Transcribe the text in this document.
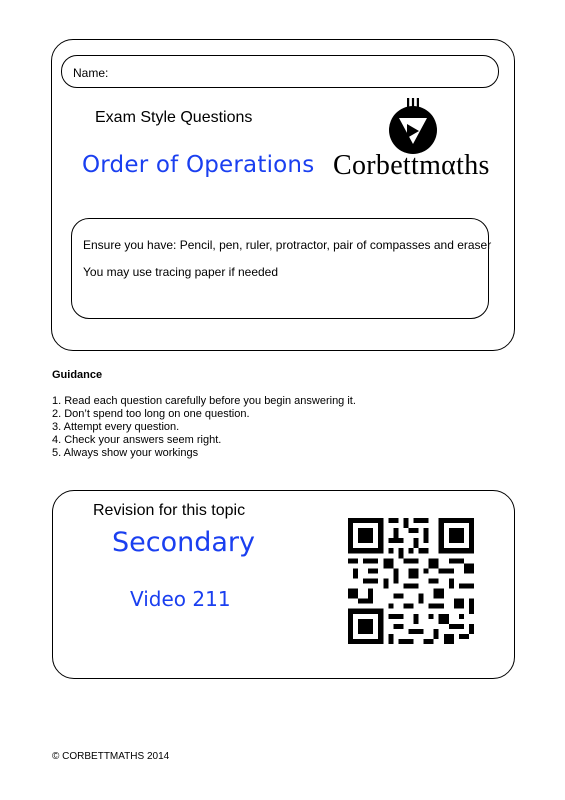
Name:
Exam Style Questions
Order of Operations Corbettmαths
Ensure you have: Pencil, pen, ruler, protractor, pair of compasses and eraser
You may use tracing paper if needed
Guidance
1. Read each question carefully before you begin answering it.
2. Don’t spend too long on one question.
3. Attempt every question.
4. Check your answers seem right.
5. Always show your workings
Revision for this topic
Secondary
Video 211
© CORBETTMATHS 2014
